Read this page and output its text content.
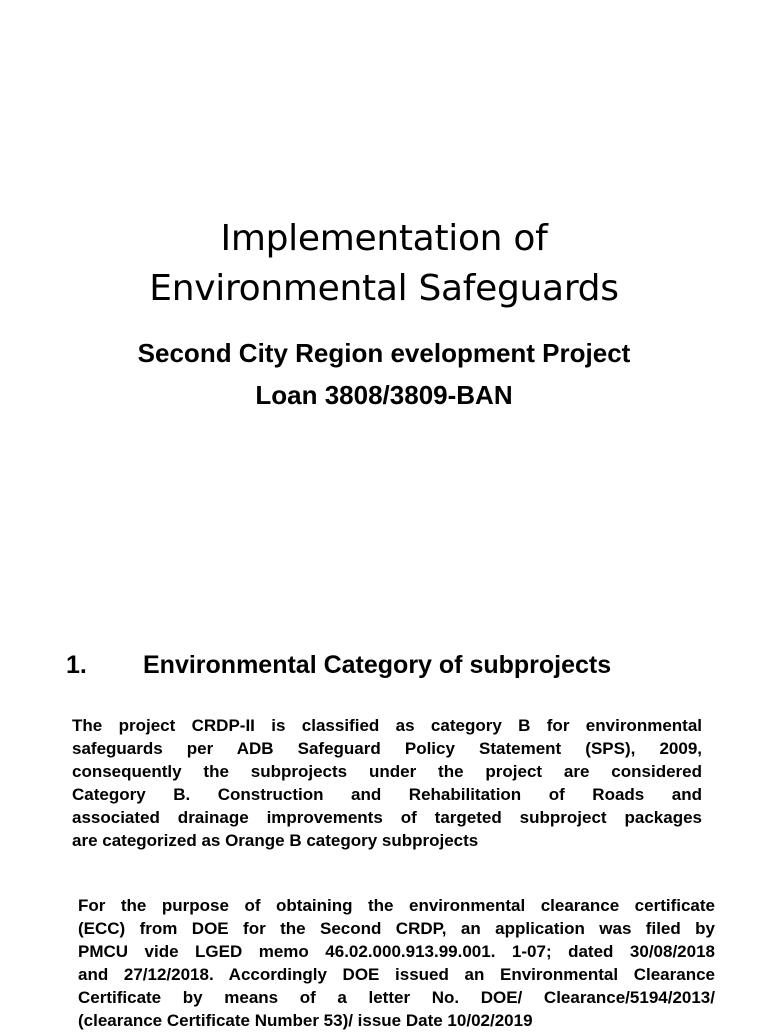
Implementation of
Environmental Safeguards
Second City Region evelopment Project
Loan 3808/3809-BAN
1. Environmental Category of subprojects

The project CRDP-II is classified as category B for environmental
safeguards per ADB Safeguard Policy Statement (SPS), 2009,
consequently the subprojects under the project are considered
Category B. Construction and Rehabilitation of Roads and
associated drainage improvements of targeted subproject packages
are categorized as Orange B category subprojects

For the purpose of obtaining the environmental clearance certificate
(ECC) from DOE for the Second CRDP, an application was filed by
PMCU vide LGED memo 46.02.000.913.99.001. 1-07; dated 30/08/2018
and 27/12/2018. Accordingly DOE issued an Environmental Clearance
Certificate by means of a letter No. DOE/ Clearance/5194/2013/
(clearance Certificate Number 53)/ issue Date 10/02/2019
